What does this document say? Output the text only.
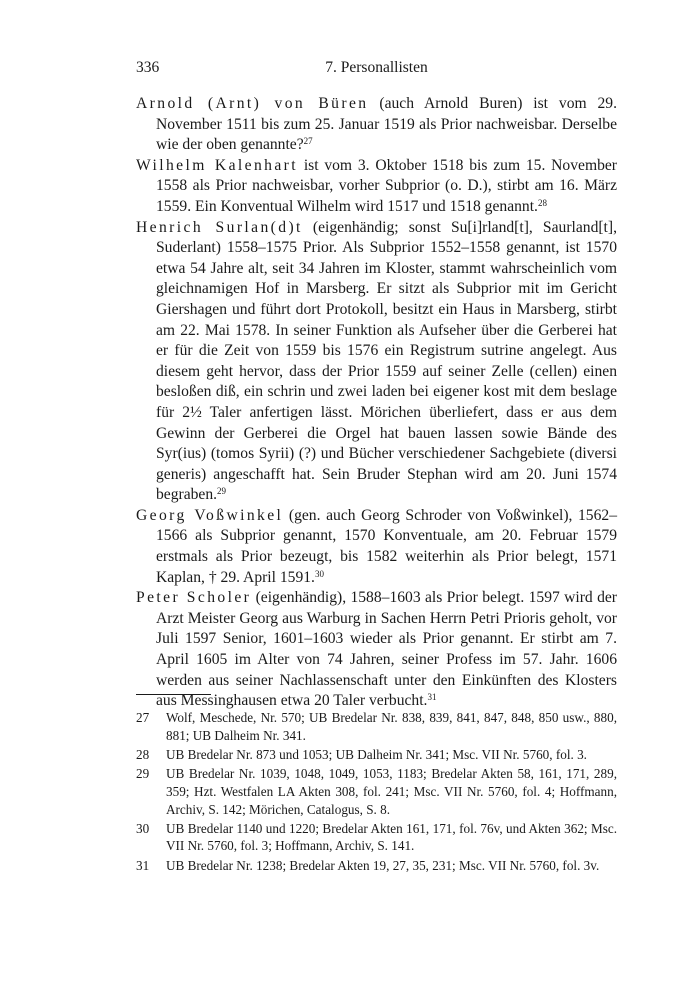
336	7. Personallisten

Arnold (Arnt) von Büren (auch Arnold Buren) ist vom 29. November 1511 bis zum 25. Januar 1519 als Prior nachweisbar. Derselbe wie der oben genannte?$^{27}$

Wilhelm Kalenhart ist vom 3. Oktober 1518 bis zum 15. November 1558 als Prior nachweisbar, vorher Subprior (o. D.), stirbt am 16. März 1559. Ein Konventual Wilhelm wird 1517 und 1518 genannt.$^{28}$

Henrich Surlan(d)t (eigenhändig; sonst Su[i]rland[t], Saurland[t], Suderlant) 1558–1575 Prior. Als Subprior 1552–1558 genannt, ist 1570 etwa 54 Jahre alt, seit 34 Jahren im Kloster, stammt wahrscheinlich vom gleichnamigen Hof in Marsberg. Er sitzt als Subprior mit im Gericht Giershagen und führt dort Protokoll, besitzt ein Haus in Marsberg, stirbt am 22. Mai 1578. In seiner Funktion als Aufseher über die Gerberei hat er für die Zeit von 1559 bis 1576 ein Registrum sutrine angelegt. Aus diesem geht hervor, dass der Prior 1559 auf seiner Zelle (cellen) einen besloßen diß, ein schrin und zwei laden bei eigener kost mit dem beslage für 2½ Taler anfertigen lässt. Mörichen überliefert, dass er aus dem Gewinn der Gerberei die Orgel hat bauen lassen sowie Bände des Syr(ius) (tomos Syrii) (?) und Bücher verschiedener Sachgebiete (diversi generis) angeschafft hat. Sein Bruder Stephan wird am 20. Juni 1574 begraben.$^{29}$

Georg Voßwinkel (gen. auch Georg Schroder von Voßwinkel), 1562–1566 als Subprior genannt, 1570 Konventuale, am 20. Februar 1579 erstmals als Prior bezeugt, bis 1582 weiterhin als Prior belegt, 1571 Kaplan, † 29. April 1591.30

Peter Scholer (eigenhändig), 1588–1603 als Prior belegt. 1597 wird der Arzt Meister Georg aus Warburg in Sachen Herrn Petri Prioris geholt, vor Juli 1597 Senior, 1601–1603 wieder als Prior genannt. Er stirbt am 7. April 1605 im Alter von 74 Jahren, seiner Profess im 57. Jahr. 1606 werden aus seiner Nachlassenschaft unter den Einkünften des Klosters aus Messinghausen etwa 20 Taler verbucht.$^{31}$

27 Wolf, Meschede, Nr. 570; UB Bredelar Nr. 838, 839, 841, 847, 848, 850 usw., 880, 881; UB Dalheim Nr. 341.

28 UB Bredelar Nr. 873 und 1053; UB Dalheim Nr. 341; Msc. VII Nr. 5760, fol. 3.

29 UB Bredelar Nr. 1039, 1048, 1049, 1053, 1183; Bredelar Akten 58, 161, 171, 289, 359; Hzt. Westfalen LA Akten 308, fol. 241; Msc. VII Nr. 5760, fol. 4; Hoffmann, Archiv, S. 142; Mörichen, Catalogus, S. 8.

30 UB Bredelar 1140 und 1220; Bredelar Akten 161, 171, fol. 76v, und Akten 362; Msc. VII Nr. 5760, fol. 3; Hoffmann, Archiv, S. 141.

31 UB Bredelar Nr. 1238; Bredelar Akten 19, 27, 35, 231; Msc. VII Nr. 5760, fol. 3v.
